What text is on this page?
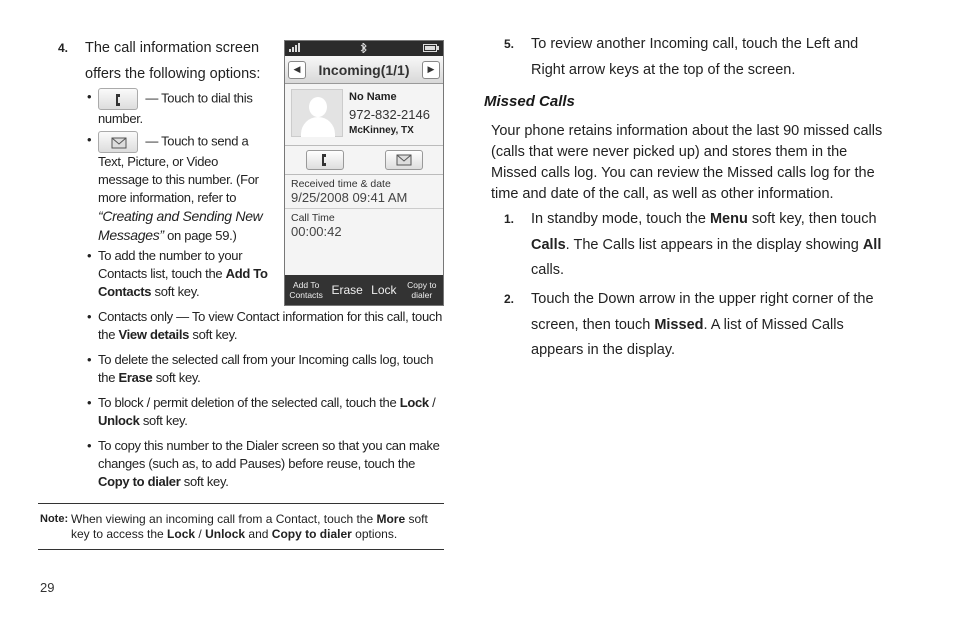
4. The call information screen offers the following options:
•	— Touch to dial this number.
•	— Touch to send a Text, Picture, or Video message to this number. (For more information, refer to “Creating and Sending New Messages” on page 59.)
• To add the number to your Contacts list, touch the Add To Contacts soft key.
• Contacts only — To view Contact information for this call, touch the View details soft key.
• To delete the selected call from your Incoming calls log, touch the Erase soft key.
• To block / permit deletion of the selected call, touch the Lock / Unlock soft key.
• To copy this number to the Dialer screen so that you can make changes (such as, to add Pauses) before reuse, touch the Copy to dialer soft key.
◀	Incoming(1/1)	▶
No Name
972-832-2146
McKinney, TX
Received time & date
9/25/2008 09:41 AM
Call Time
00:00:42
Add To Contacts Erase Lock Copy to dialer
Note: When viewing an incoming call from a Contact, touch the More soft key to access the Lock / Unlock and Copy to dialer options.
29
5. To review another Incoming call, touch the Left and Right arrow keys at the top of the screen.
Missed Calls
Your phone retains information about the last 90 missed calls (calls that were never picked up) and stores them in the Missed calls log. You can review the Missed calls log for the time and date of the call, as well as other information.
1. In standby mode, touch the Menu soft key, then touch Calls. The Calls list appears in the display showing All calls.
2. Touch the Down arrow in the upper right corner of the screen, then touch Missed. A list of Missed Calls appears in the display.
